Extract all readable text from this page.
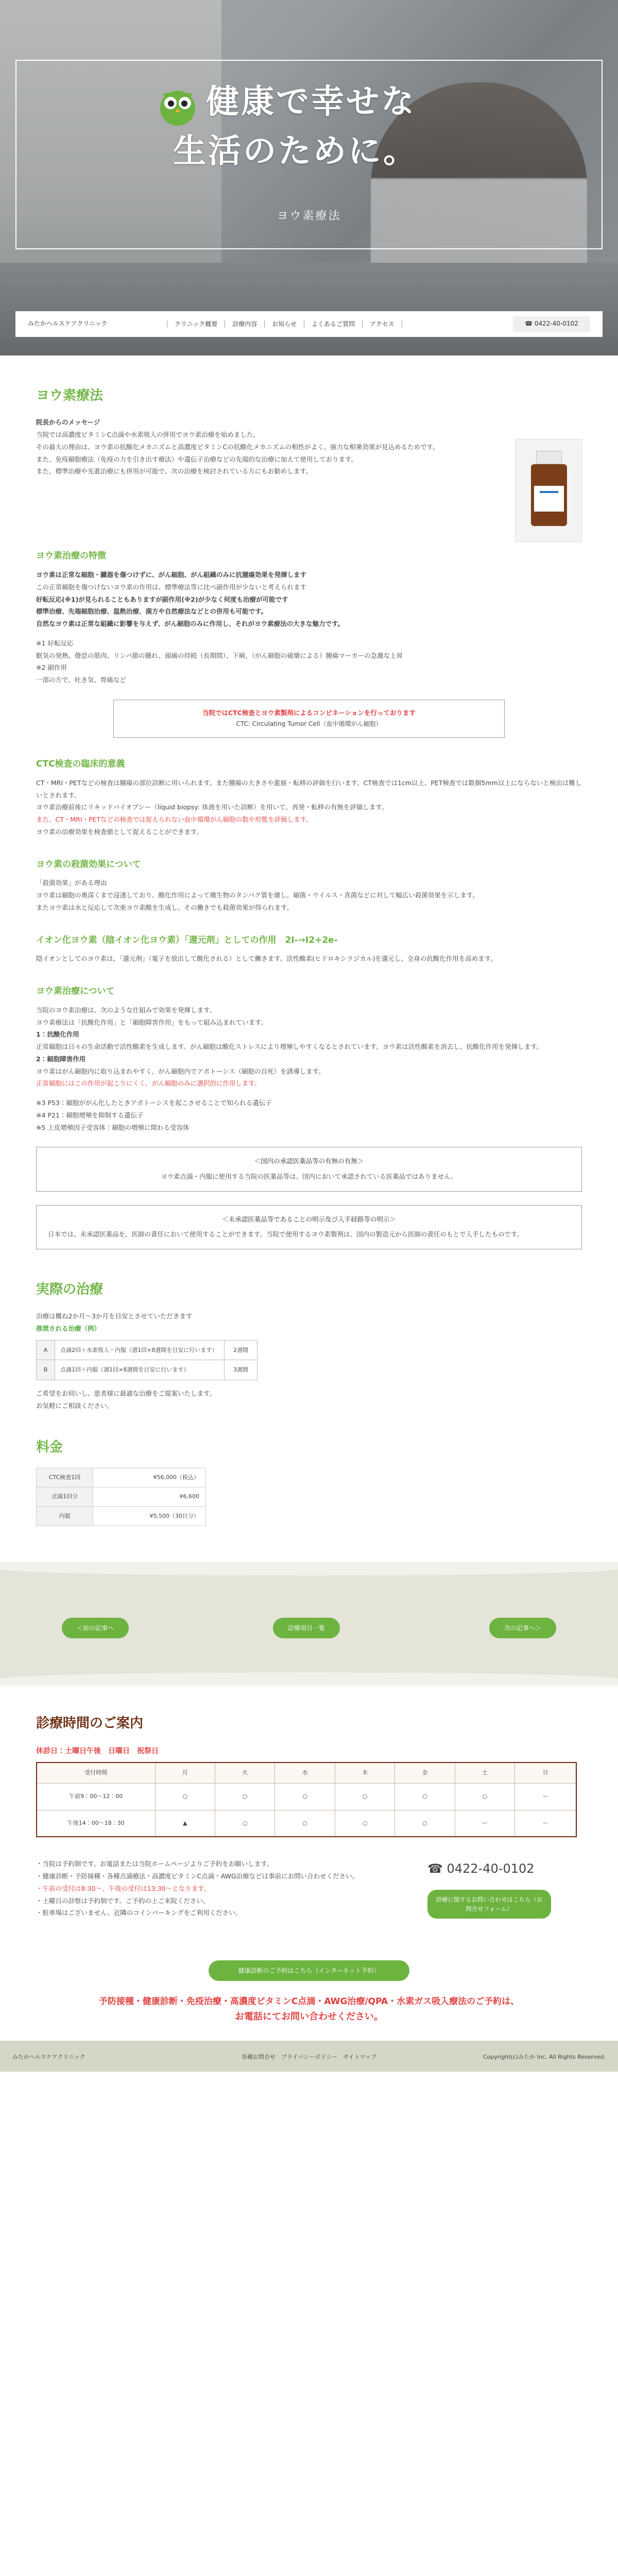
健康で幸せな
生活のために。
ヨウ素療法
みたかヘルスケアクリニック	クリニック概要	診療内容	お知らせ	よくあるご質問	アクセス	☎ 0422-40-0102
ヨウ素療法

院長からのメッセージ

当院では高濃度ビタミンC点滴や水素吸入の併用でヨウ素治療を始めました。

その最大の理由は、ヨウ素の抗酸化メカニズムと高濃度ビタミンCの抗酸化メカニズムの相性がよく、強力な相乗効果が見込めるためです。

また、免疫細胞療法（免疫の力を引き出す療法）や遺伝子治療などの先端的な治療に加えて使用しております。

また、標準治療や先進治療にも併用が可能で、次の治療を検討されている方にもお勧めします。

ヨウ素治療の特徴

ヨウ素は正常な細胞・臓器を傷つけずに、がん細胞、がん組織のみに抗腫瘍効果を発揮します

この正常細胞を傷つけないヨウ素の作用は、標準療法等に比べ副作用が少ないと考えられます

好転反応(※1)が見られることもありますが副作用(※2)が少なく何度も治療が可能です

標準治療、先端細胞治療、温熱治療、漢方や自然療法などとの併用も可能です。

自然なヨウ素は正常な組織に影響を与えず、がん細胞のみに作用し、それがヨウ素療法の大きな魅力です。

※1 好転反応

眠気の発熱、倦怠の筋肉、リンパ節の腫れ、頭痛の持続（長期間）、下痢、（がん細胞の破壊による）腫瘍マーカーの急激な上昇

※2 副作用

一部の方で、吐き気、胃痛など

当院ではCTC検査とヨウ素製剤によるコンビネーションを行っております
CTC: Circulating Tumor Cell（血中循環がん細胞）
CTC検査の臨床的意義

CT・MRI・PETなどの検査は腫瘍の部位診断に用いられます。また腫瘍の大きさや進展・転移の評価を行います。CT検査では1cm以上、PET検査では数個5mm以上にならないと検出は難しいとされます。

ヨウ素治療前後にリキッドバイオプシー（liquid biopsy: 体液を用いた診断）を用いて、再発・転移の有無を評価します。

また、CT・MRI・PETなどの検査では捉えられない血中循環がん細胞の数や形態を評価します。

ヨウ素の治療効果を検査値として捉えることができます。

ヨウ素の殺菌効果について

「殺菌効果」がある理由

ヨウ素は細胞の奥深くまで浸透しており、酸化作用によって微生物のタンパク質を壊し、細菌・ウイルス・真菌などに対して幅広い殺菌効果を示します。

またヨウ素は水と反応して次亜ヨウ素酸を生成し、その働きでも殺菌効果が得られます。

イオン化ヨウ素（陰イオン化ヨウ素）「還元剤」としての作用　2I-→I2+2e-

陰イオンとしてのヨウ素は、「還元剤」（電子を放出して酸化される）として働きます。活性酸素(ヒドロキシラジカル)を還元し、全身の抗酸化作用を高めます。

ヨウ素治療について

当院のヨウ素治療は、次のような仕組みで効果を発揮します。

ヨウ素療法は「抗酸化作用」と「細胞障害作用」をもって組み込まれています。

1：抗酸化作用

正常細胞は日々の生命活動で活性酸素を生成します。がん細胞は酸化ストレスにより増殖しやすくなるとされています。ヨウ素は活性酸素を消去し、抗酸化作用を発揮します。

2：細胞障害作用

ヨウ素はがん細胞内に取り込まれやすく、がん細胞内でアポトーシス（細胞の自死）を誘導します。

正常細胞にはこの作用が起こりにくく、がん細胞のみに選択的に作用します。

※3 P53：細胞ががん化したときアポトーシスを起こさせることで知られる遺伝子

※4 P21：細胞増殖を抑制する遺伝子

※5 上皮増殖因子受容体：細胞の増殖に関わる受容体

＜国内の承認医薬品等の有無の有無＞

ヨウ素点滴・内服に使用する当院の医薬品等は、国内において承認されている医薬品ではありません。

＜未承認医薬品等であることの明示及び入手経路等の明示＞

日本では、未承認医薬品を、医師の責任において使用することができます。当院で使用するヨウ素製剤は、国内の製造元から医師の責任のもとで入手したものです。

実際の治療

治療は概ね2か月〜3か月を目安とさせていただきます

推奨される治療（例）

A	点滴2回＋水素吸入・内服（週1回×8週間を目安に行います）	2週間
B	点滴1回＋内服（週1回×8週間を目安に行います）	3週間

ご希望をお伺いし、患者様に最適な治療をご提案いたします。

お気軽にご相談ください。

料金
CTC検査1回	¥56,000（税込）
点滴1回分	¥6,600
内服	¥5,500（30日分）
＜前の記事へ	診療項目一覧	次の記事へ＞
診療時間のご案内
休診日：土曜日午後　日曜日　祝祭日
受付時間	月	火	水	木	金	土	日
午前9：00〜12：00	○	○	○	○	○	○	ー
午後14：00〜18：30	▲	○	○	○	○	ー	ー

・当院は予約制です。お電話または当院ホームページよりご予約をお願いします。

・健康診断・予防接種・各種点滴療法・高濃度ビタミンC点滴・AWG治療などは事前にお問い合わせください。

・午前の受付は8:30〜、午後の受付は13:30〜となります。

・土曜日の診察は予約制です。ご予約の上ご来院ください。

・駐車場はございません。近隣のコインパーキングをご利用ください。

☎ 0422-40-0102
診療に関するお問い合わせはこちら（お問合せフォーム）
健康診断のご予約はこちら（インターネット予約）
予防接種・健康診断・免疫治療・高濃度ビタミンC点滴・AWG治療/QPA・水素ガス吸入療法のご予約は、
お電話にてお問い合わせください。
みたかヘルスケアクリニック	各種お問合せ　プライバシーポリシー　サイトマップ	Copyright(c)みたか Inc. All Rights Reserved.
